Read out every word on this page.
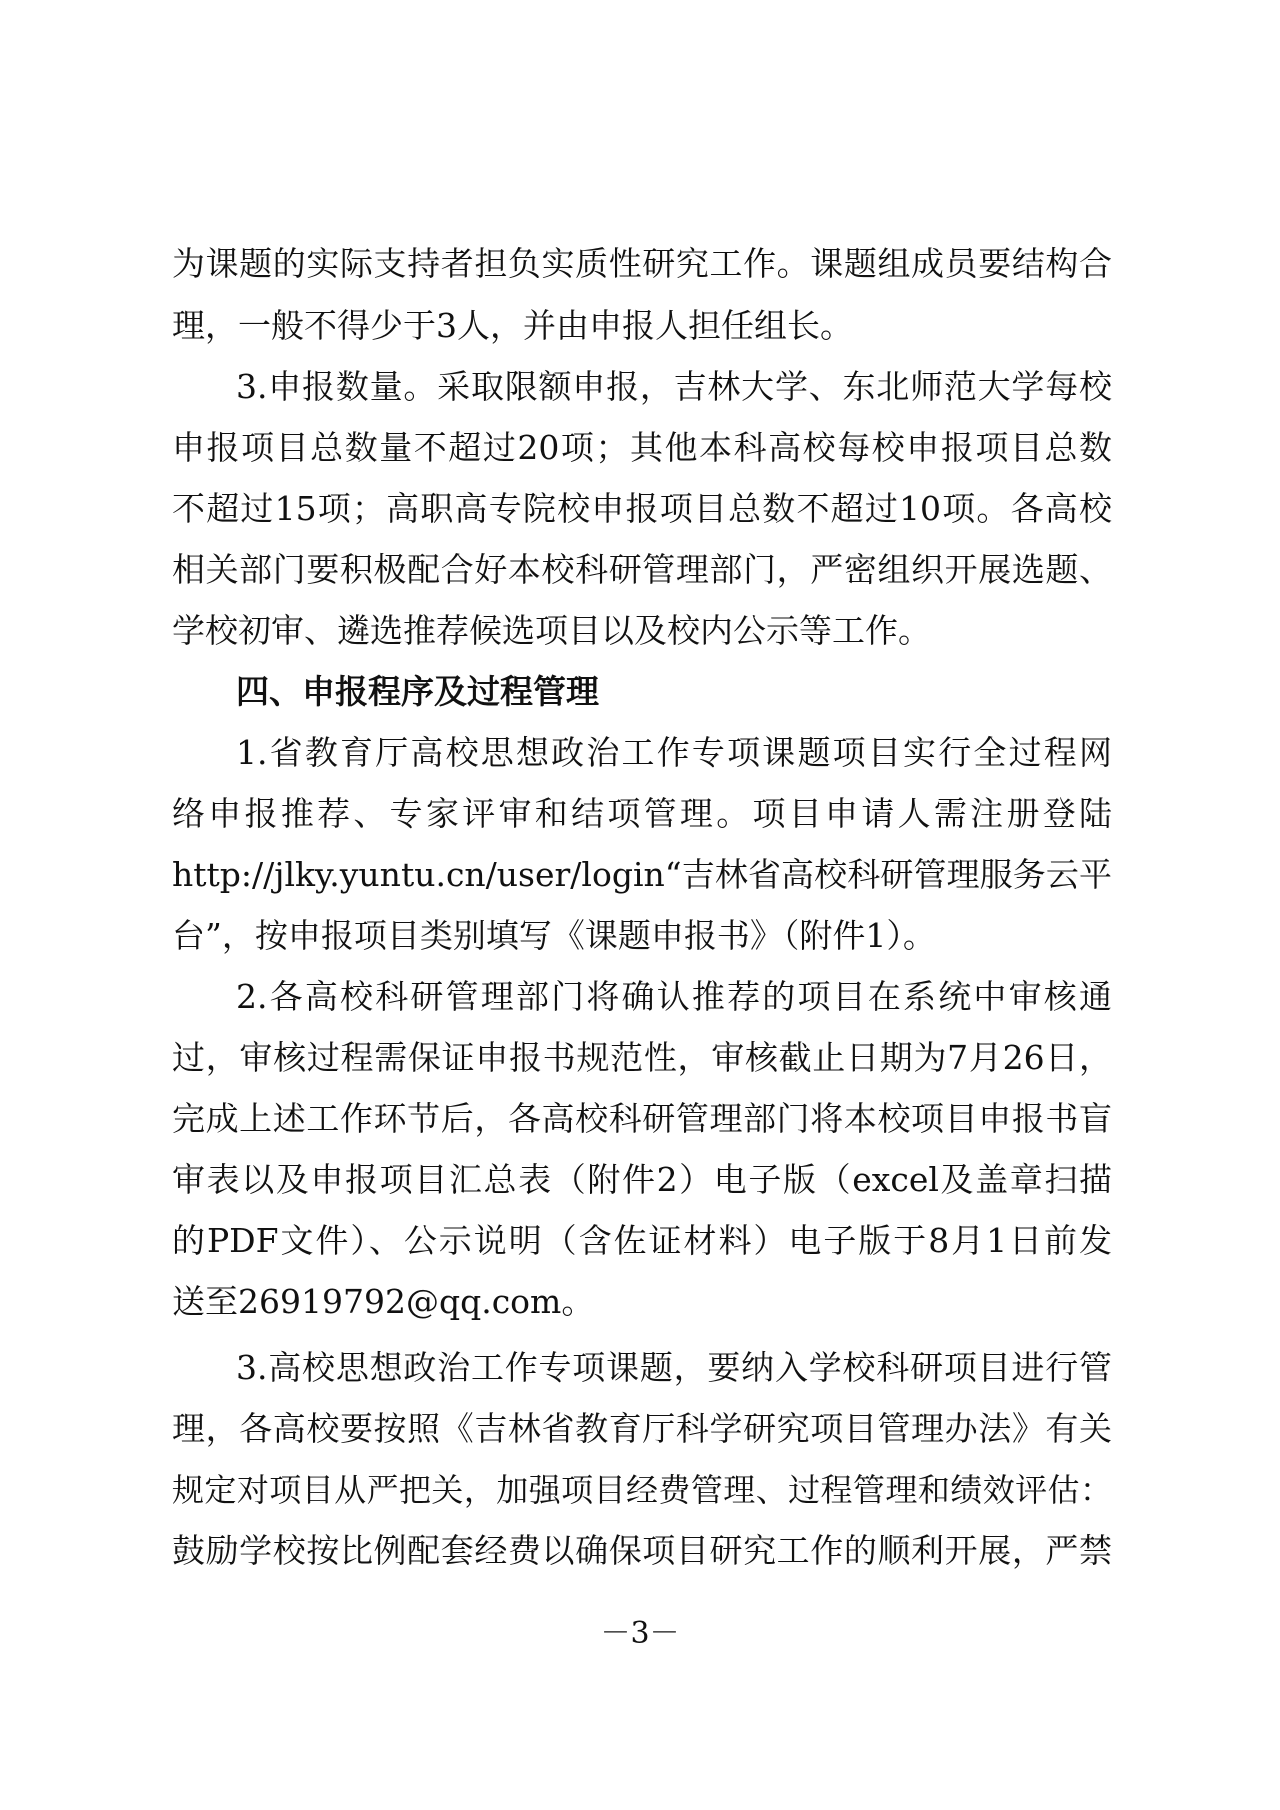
为课题的实际支持者担负实质性研究工作。课题组成员要结构合
理，一般不得少于3人，并由申报人担任组长。
3.申报数量。采取限额申报，吉林大学、东北师范大学每校
申报项目总数量不超过20项；其他本科高校每校申报项目总数
不超过15项；高职高专院校申报项目总数不超过10项。各高校
相关部门要积极配合好本校科研管理部门，严密组织开展选题、
学校初审、遴选推荐候选项目以及校内公示等工作。
四、申报程序及过程管理
1.省教育厅高校思想政治工作专项课题项目实行全过程网
络申报推荐、专家评审和结项管理。项目申请人需注册登陆
http://jlky.yuntu.cn/user/login“吉林省高校科研管理服务云平
台”，按申报项目类别填写《课题申报书》（附件1）。
2.各高校科研管理部门将确认推荐的项目在系统中审核通
过，审核过程需保证申报书规范性，审核截止日期为7月26日，
完成上述工作环节后，各高校科研管理部门将本校项目申报书盲
审表以及申报项目汇总表（附件2）电子版（excel及盖章扫描
的PDF文件）、公示说明（含佐证材料）电子版于8月1日前发
送至26919792@qq.com。
3.高校思想政治工作专项课题，要纳入学校科研项目进行管
理，各高校要按照《吉林省教育厅科学研究项目管理办法》有关
规定对项目从严把关，加强项目经费管理、过程管理和绩效评估：
鼓励学校按比例配套经费以确保项目研究工作的顺利开展，严禁
－3－
